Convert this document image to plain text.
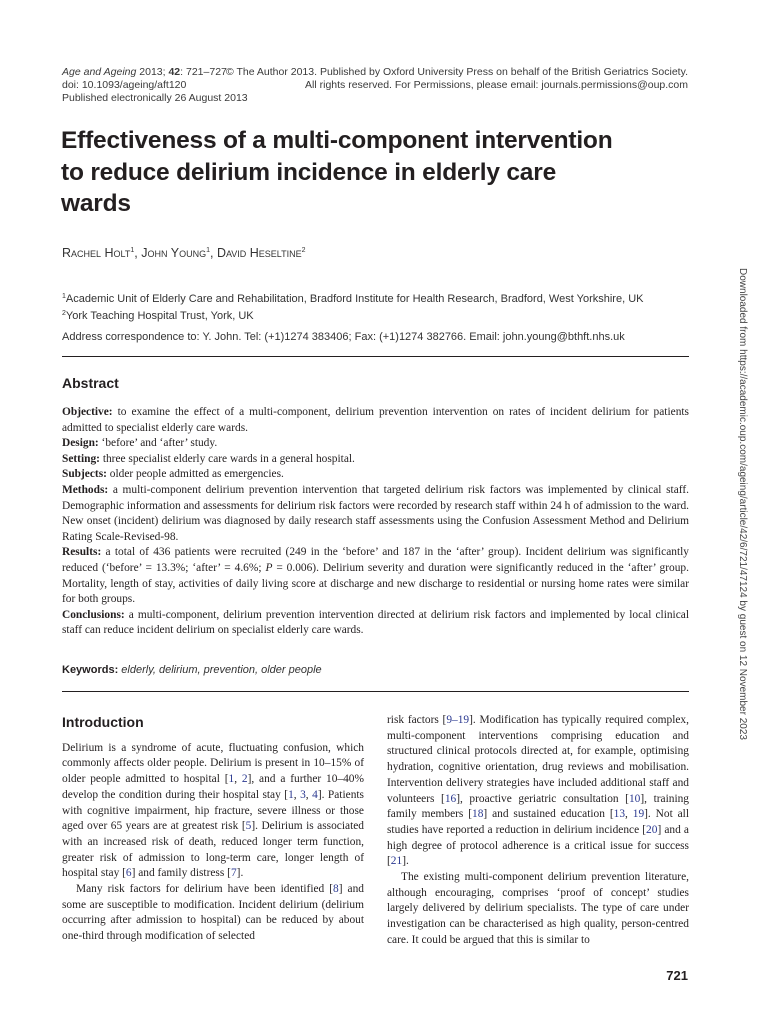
Age and Ageing 2013; 42: 721–727
doi: 10.1093/ageing/aft120
Published electronically 26 August 2013
© The Author 2013. Published by Oxford University Press on behalf of the British Geriatrics Society.
All rights reserved. For Permissions, please email: journals.permissions@oup.com
Effectiveness of a multi-component intervention to reduce delirium incidence in elderly care wards
Rachel Holt$^1$, John Young$^1$, David Heseltine$^2$
$^1$Academic Unit of Elderly Care and Rehabilitation, Bradford Institute for Health Research, Bradford, West Yorkshire, UK
$^2$York Teaching Hospital Trust, York, UK
Address correspondence to: Y. John. Tel: (+1)1274 383406; Fax: (+1)1274 382766. Email: john.young@bthft.nhs.uk
Abstract

Objective: to examine the effect of a multi-component, delirium prevention intervention on rates of incident delirium for patients admitted to specialist elderly care wards.

Design: ‘before’ and ‘after’ study.

Setting: three specialist elderly care wards in a general hospital.

Subjects: older people admitted as emergencies.

Methods: a multi-component delirium prevention intervention that targeted delirium risk factors was implemented by clinical staff. Demographic information and assessments for delirium risk factors were recorded by research staff within 24 h of admission to the ward. New onset (incident) delirium was diagnosed by daily research staff assessments using the Confusion Assessment Method and Delirium Rating Scale-Revised-98.

Results: a total of 436 patients were recruited (249 in the ‘before’ and 187 in the ‘after’ group). Incident delirium was significantly reduced (‘before’ = 13.3%; ‘after’ = 4.6%; P = 0.006). Delirium severity and duration were significantly reduced in the ‘after’ group. Mortality, length of stay, activities of daily living score at discharge and new discharge to residential or nursing home rates were similar for both groups.

Conclusions: a multi-component, delirium prevention intervention directed at delirium risk factors and implemented by local clinical staff can reduce incident delirium on specialist elderly care wards.

Keywords: elderly, delirium, prevention, older people
Introduction

Delirium is a syndrome of acute, fluctuating confusion, which commonly affects older people. Delirium is present in 10–15% of older people admitted to hospital [1, 2], and a further 10–40% develop the condition during their hospital stay [1, 3, 4]. Patients with cognitive impairment, hip fracture, severe illness or those aged over 65 years are at greatest risk [5]. Delirium is associated with an increased risk of death, reduced longer term function, greater risk of admission to long-term care, longer length of hospital stay [6] and family distress [7].

Many risk factors for delirium have been identified [8] and some are susceptible to modification. Incident delirium (delirium occurring after admission to hospital) can be reduced by about one-third through modification of selected

risk factors [9–19]. Modification has typically required complex, multi-component interventions comprising education and structured clinical protocols directed at, for example, optimising hydration, cognitive orientation, drug reviews and mobilisation. Intervention delivery strategies have included additional staff and volunteers [16], proactive geriatric consultation [10], training family members [18] and sustained education [13, 19]. Not all studies have reported a reduction in delirium incidence [20] and a high degree of protocol adherence is a critical issue for success [21].

The existing multi-component delirium prevention literature, although encouraging, comprises ‘proof of concept’ studies largely delivered by delirium specialists. The type of care under investigation can be characterised as high quality, person-centred care. It could be argued that this is similar to

721
Downloaded from https://academic.oup.com/ageing/article/42/6/721/47124 by guest on 12 November 2023
